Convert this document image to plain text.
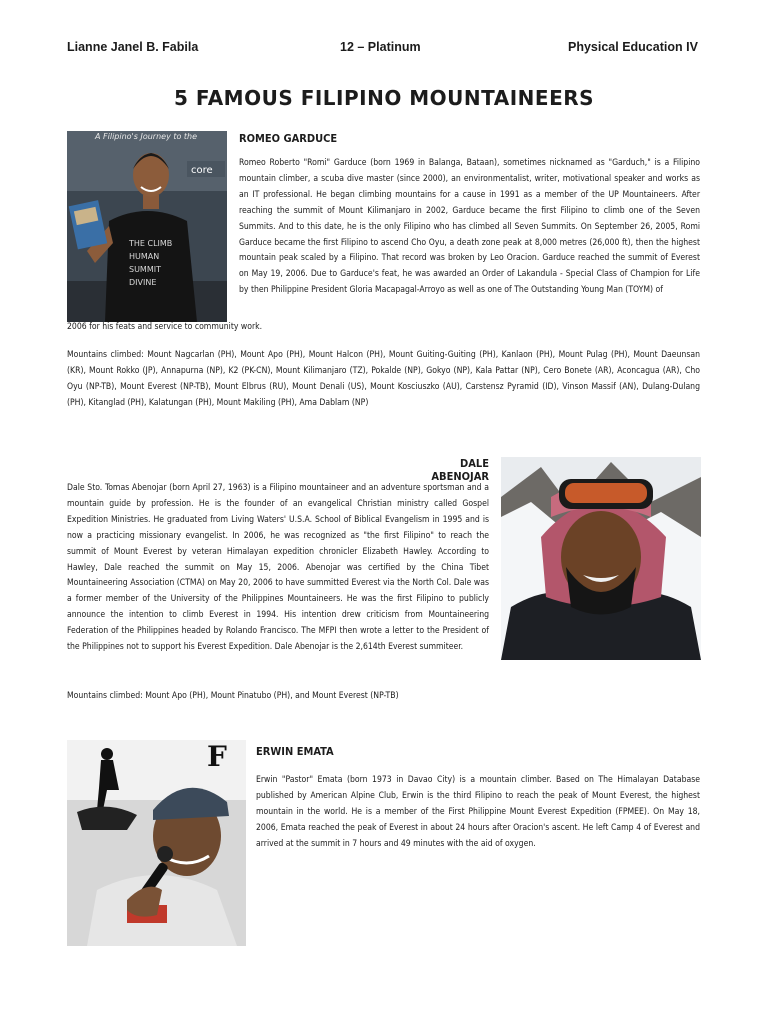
Lianne Janel B. Fabila	12 – Platinum	Physical Education IV
5 FAMOUS FILIPINO MOUNTAINEERS
A Filipino's Journey to the
core
THE CLIMB
HUMAN
SUMMIT
DIVINE
ROMEO GARDUCE

Romeo Roberto "Romi" Garduce (born 1969 in Balanga, Bataan), sometimes nicknamed as "Garduch," is a Filipino mountain climber, a scuba dive master (since 2000), an environmentalist, writer, motivational speaker and works as an IT professional. He began climbing mountains for a cause in 1991 as a member of the UP Mountaineers. After reaching the summit of Mount Kilimanjaro in 2002, Garduce became the first Filipino to climb one of the Seven Summits. And to this date, he is the only Filipino who has climbed all Seven Summits. On September 26, 2005, Romi Garduce became the first Filipino to ascend Cho Oyu, a death zone peak at 8,000 metres (26,000 ft), then the highest mountain peak scaled by a Filipino. That record was broken by Leo Oracion. Garduce reached the summit of Everest on May 19, 2006. Due to Garduce's feat, he was awarded an Order of Lakandula - Special Class of Champion for Life by then Philippine President Gloria Macapagal-Arroyo as well as one of The Outstanding Young Man (TOYM) of

2006 for his feats and service to community work.

Mountains climbed: Mount Nagcarlan (PH), Mount Apo (PH), Mount Halcon (PH), Mount Guiting-Guiting (PH), Kanlaon (PH), Mount Pulag (PH), Mount Daeunsan (KR), Mount Rokko (JP), Annapurna (NP), K2 (PK-CN), Mount Kilimanjaro (TZ), Pokalde (NP), Gokyo (NP), Kala Pattar (NP), Cero Bonete (AR), Aconcagua (AR), Cho Oyu (NP-TB), Mount Everest (NP-TB), Mount Elbrus (RU), Mount Denali (US), Mount Kosciuszko (AU), Carstensz Pyramid (ID), Vinson Massif (AN), Dulang-Dulang (PH), Kitanglad (PH), Kalatungan (PH), Mount Makiling (PH), Ama Dablam (NP)

DALE ABENOJAR

Dale Sto. Tomas Abenojar (born April 27, 1963) is a Filipino mountaineer and an adventure sportsman and a mountain guide by profession. He is the founder of an evangelical Christian ministry called Gospel Expedition Ministries. He graduated from Living Waters' U.S.A. School of Biblical Evangelism in 1995 and is now a practicing missionary evangelist. In 2006, he was recognized as "the first Filipino" to reach the summit of Mount Everest by veteran Himalayan expedition chronicler Elizabeth Hawley. According to Hawley, Dale reached the summit on May 15, 2006. Abenojar was certified by the China Tibet Mountaineering Association (CTMA) on May 20, 2006 to have summitted Everest via the North Col. Dale was a former member of the University of the Philippines Mountaineers. He was the first Filipino to publicly announce the intention to climb Everest in 1994. His intention drew criticism from Mountaineering Federation of the Philippines headed by Rolando Francisco. The MFPI then wrote a letter to the President of the Philippines not to support his Everest Expedition. Dale Abenojar is the 2,614th Everest summiteer.

Mountains climbed: Mount Apo (PH), Mount Pinatubo (PH), and Mount Everest (NP-TB)

F	ERWIN EMATA

Erwin "Pastor" Emata (born 1973 in Davao City) is a mountain climber. Based on The Himalayan Database published by American Alpine Club, Erwin is the third Filipino to reach the peak of Mount Everest, the highest mountain in the world. He is a member of the First Philippine Mount Everest Expedition (FPMEE). On May 18, 2006, Emata reached the peak of Everest in about 24 hours after Oracion's ascent. He left Camp 4 of Everest and arrived at the summit in 7 hours and 49 minutes with the aid of oxygen.
